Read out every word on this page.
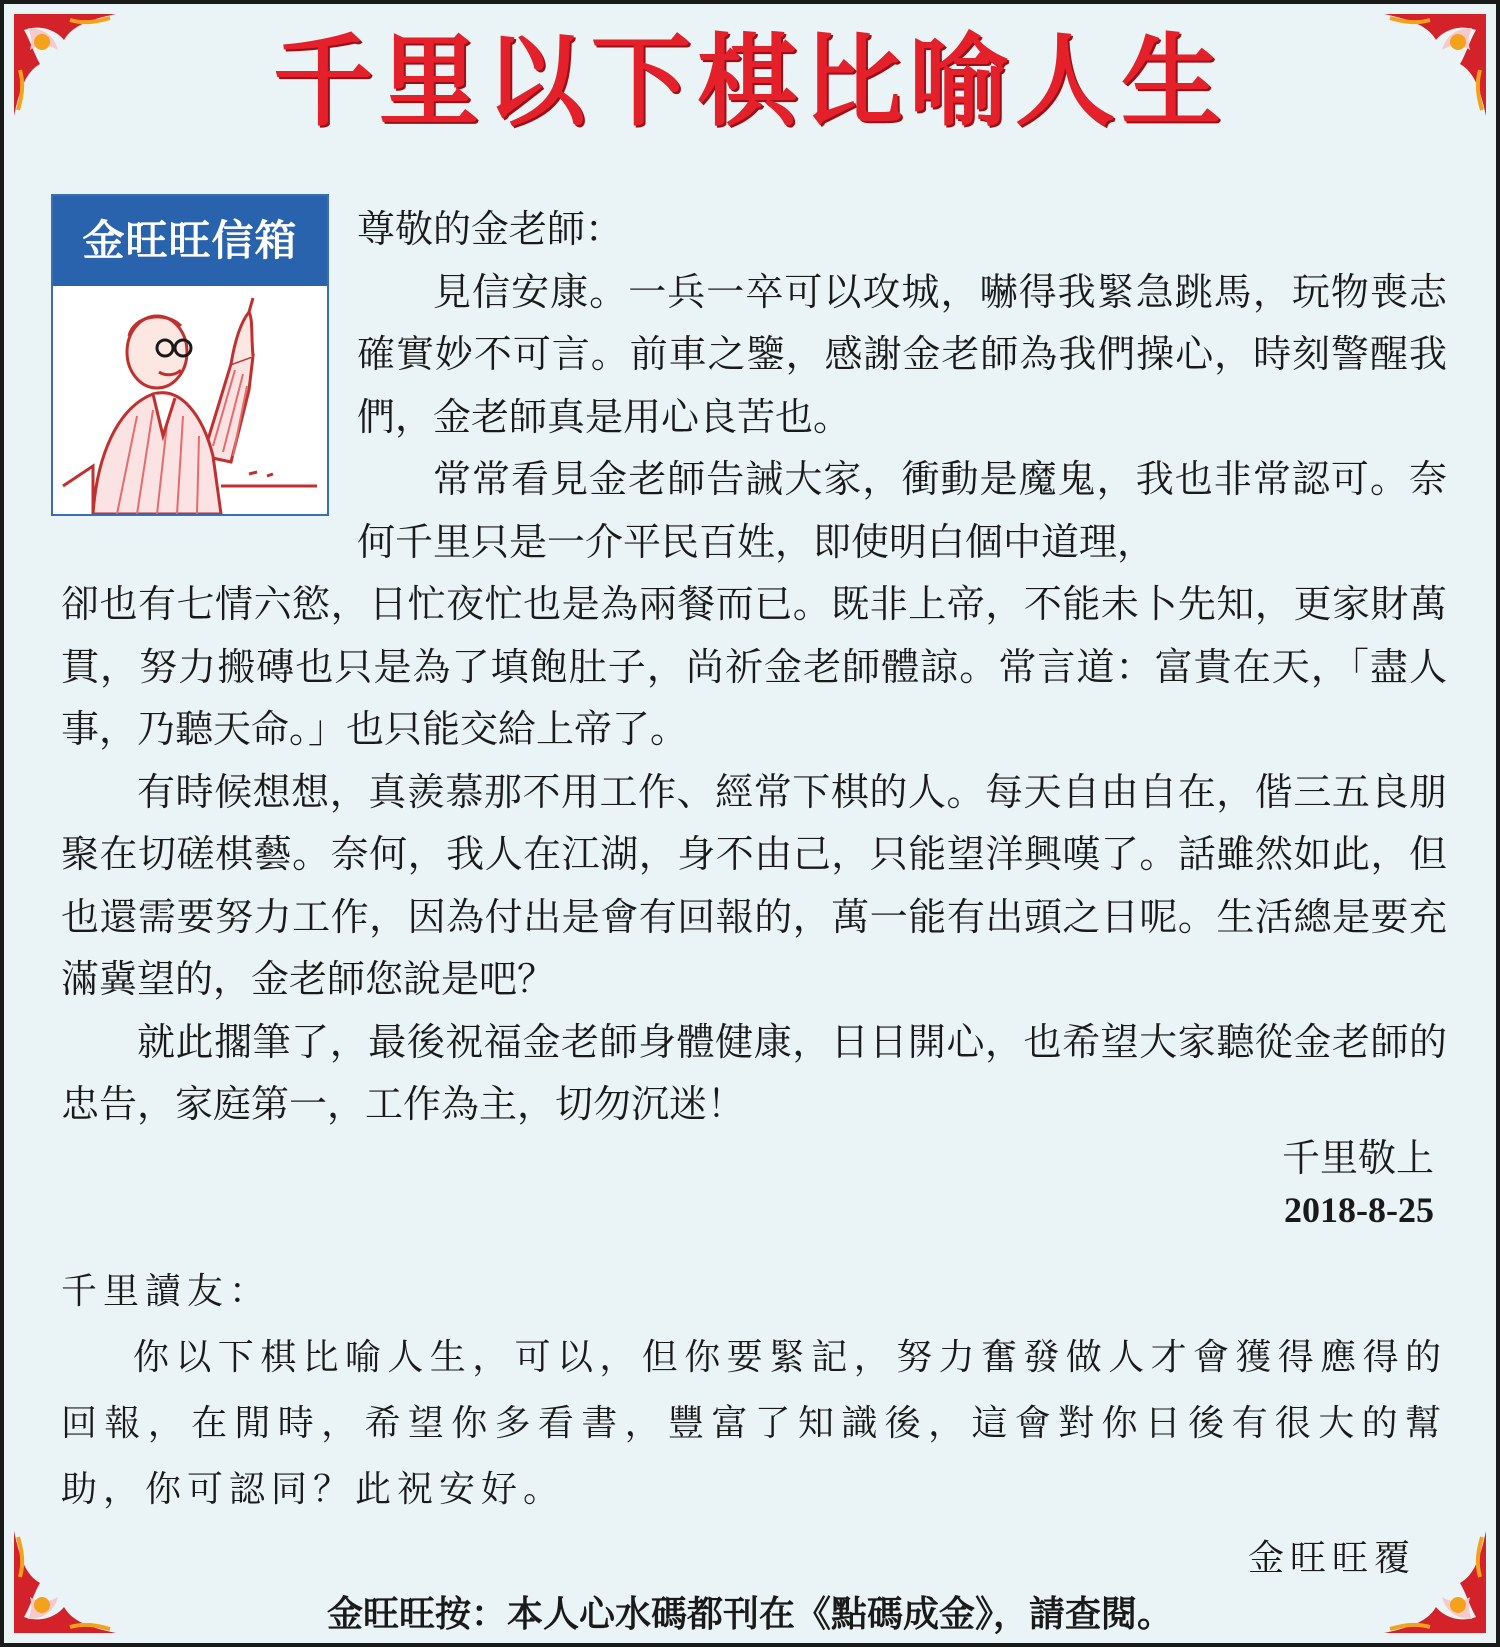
千里以下棋比喻人生
金旺旺信箱	尊敬的金老師：

見信安康。一兵一卒可以攻城，嚇得我緊急跳馬，玩物喪志確實妙不可言。前車之鑒，感謝金老師為我們操心，時刻警醒我們，金老師真是用心良苦也。

常常看見金老師告誡大家，衝動是魔鬼，我也非常認可。奈何千里只是一介平民百姓，即使明白個中道理，

卻也有七情六慾，日忙夜忙也是為兩餐而已。既非上帝，不能未卜先知，更家財萬貫，努力搬磚也只是為了填飽肚子，尚祈金老師體諒。常言道：富貴在天，「盡人事，乃聽天命。」也只能交給上帝了。

有時候想想，真羨慕那不用工作、經常下棋的人。每天自由自在，偕三五良朋聚在切磋棋藝。奈何，我人在江湖，身不由己，只能望洋興嘆了。話雖然如此，但也還需要努力工作，因為付出是會有回報的，萬一能有出頭之日呢。生活總是要充滿冀望的，金老師您說是吧？

就此擱筆了，最後祝福金老師身體健康，日日開心，也希望大家聽從金老師的忠告，家庭第一，工作為主，切勿沉迷！

千里敬上
2018-8-25

千里讀友：

你以下棋比喻人生，可以，但你要緊記，努力奮發做人才會獲得應得的回報，在閒時，希望你多看書，豐富了知識後，這會對你日後有很大的幫助，你可認同？此祝安好。

金旺旺覆
金旺旺按：本人心水碼都刊在《點碼成金》，請查閱。
